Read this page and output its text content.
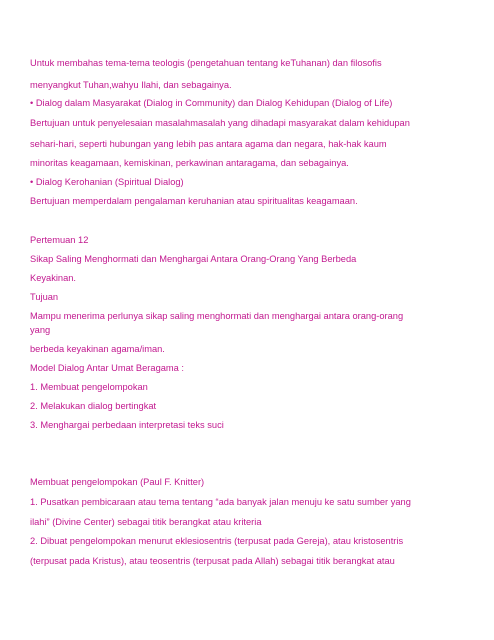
Untuk membahas tema-tema teologis (pengetahuan tentang keTuhanan) dan filosofis
menyangkut Tuhan,wahyu Ilahi, dan sebagainya.
• Dialog dalam Masyarakat (Dialog in Community) dan Dialog Kehidupan (Dialog of Life)
Bertujuan untuk penyelesaian masalahmasalah yang dihadapi masyarakat dalam kehidupan
sehari-hari, seperti hubungan yang lebih pas antara agama dan negara, hak-hak kaum
minoritas keagamaan, kemiskinan, perkawinan antaragama, dan sebagainya.
• Dialog Kerohanian (Spiritual Dialog)
Bertujuan memperdalam pengalaman keruhanian atau spiritualitas keagamaan.
Pertemuan 12
Sikap Saling Menghormati dan Menghargai Antara Orang-Orang Yang Berbeda
Keyakinan.
Tujuan
Mampu menerima perlunya sikap saling menghormati dan menghargai antara orang-orang
yang
berbeda keyakinan agama/iman.
Model Dialog Antar Umat Beragama :
1. Membuat pengelompokan
2. Melakukan dialog bertingkat
3. Menghargai perbedaan interpretasi teks suci
Membuat pengelompokan (Paul F. Knitter)
1. Pusatkan pembicaraan atau tema tentang “ada banyak jalan menuju ke satu sumber yang
ilahi” (Divine Center) sebagai titik berangkat atau kriteria
2. Dibuat pengelompokan menurut eklesiosentris (terpusat pada Gereja), atau kristosentris
(terpusat pada Kristus), atau teosentris (terpusat pada Allah) sebagai titik berangkat atau
